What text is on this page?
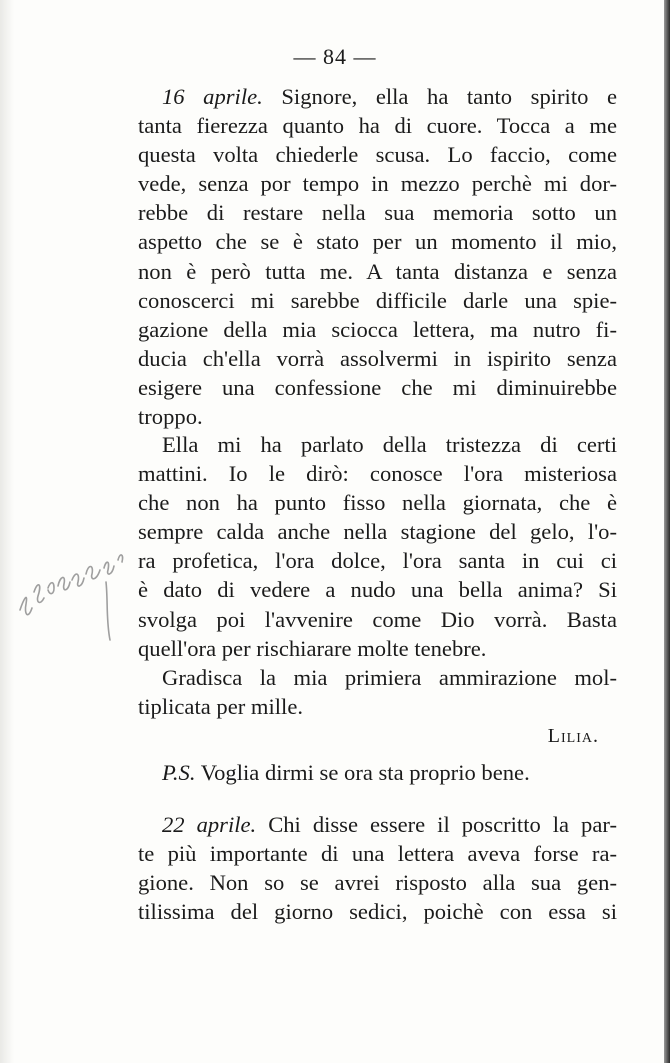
— 84 —
16 aprile. Signore, ella ha tanto spirito e
tanta fierezza quanto ha di cuore. Tocca a me
questa volta chiederle scusa. Lo faccio, come
vede, senza por tempo in mezzo perchè mi dor-
rebbe di restare nella sua memoria sotto un
aspetto che se è stato per un momento il mio,
non è però tutta me. A tanta distanza e senza
conoscerci mi sarebbe difficile darle una spie-
gazione della mia sciocca lettera, ma nutro fi-
ducia ch'ella vorrà assolvermi in ispirito senza
esigere una confessione che mi diminuirebbe
troppo.
Ella mi ha parlato della tristezza di certi
mattini. Io le dirò: conosce l'ora misteriosa
che non ha punto fisso nella giornata, che è
sempre calda anche nella stagione del gelo, l'o-
ra profetica, l'ora dolce, l'ora santa in cui ci
è dato di vedere a nudo una bella anima? Si
svolga poi l'avvenire come Dio vorrà. Basta
quell'ora per rischiarare molte tenebre.
Gradisca la mia primiera ammirazione mol-
tiplicata per mille.
Lilia.
P.S. Voglia dirmi se ora sta proprio bene.
22 aprile. Chi disse essere il poscritto la par-
te più importante di una lettera aveva forse ra-
gione. Non so se avrei risposto alla sua gen-
tilissima del giorno sedici, poichè con essa si
